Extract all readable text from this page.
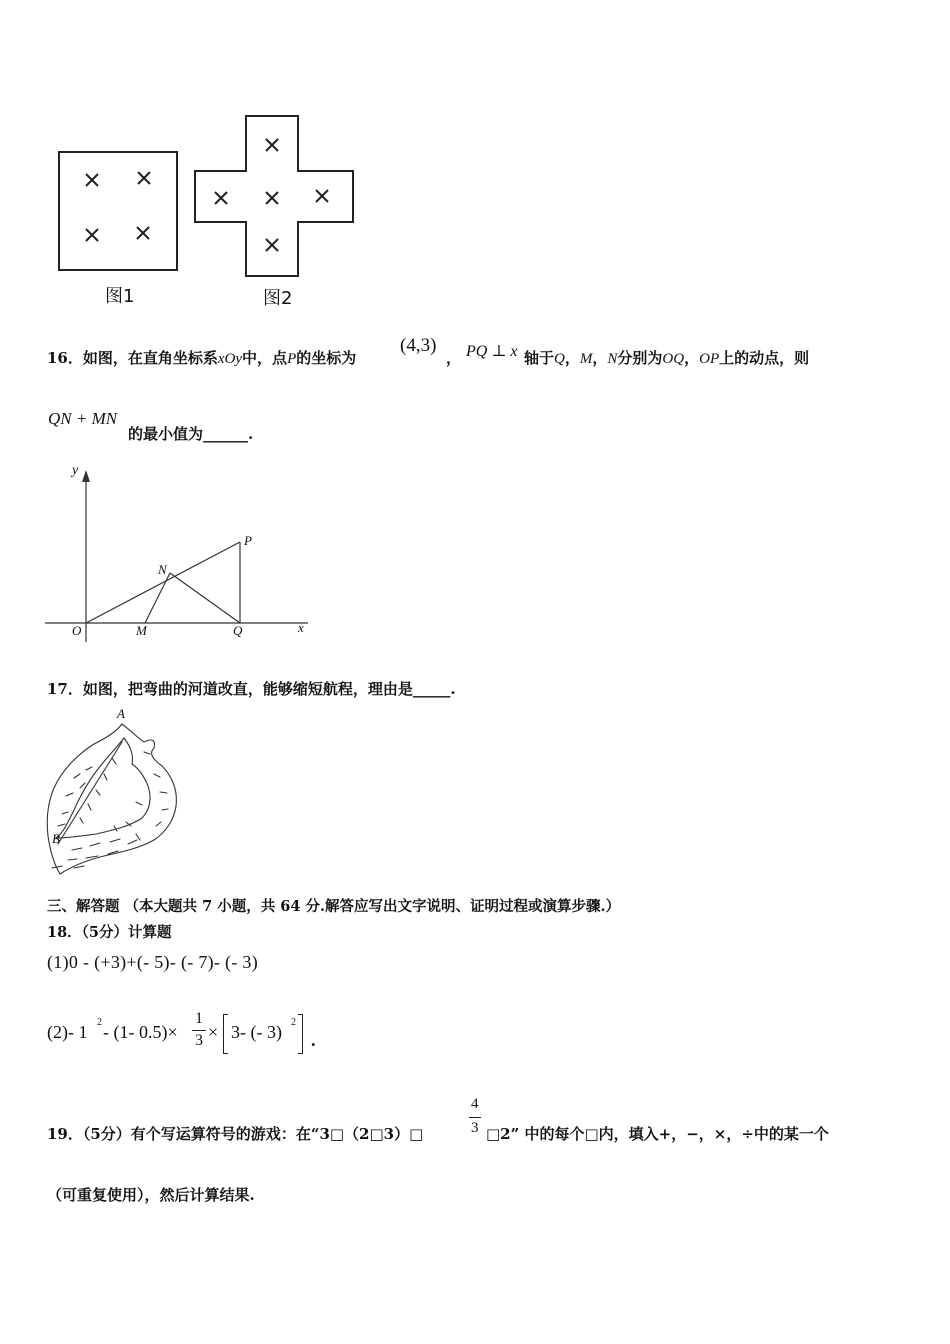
图1	图2
16．如图，在直角坐标系xOy中，点P的坐标为
(4,3)
， PQ ⊥ x 轴于Q，M，N分别为OQ，OP上的动点，则
QN + MN
的最小值为______.
y
x
O	M	Q
N
P
17．如图，把弯曲的河道改直，能够缩短航程，理由是_____.
A
B
三、解答题 （本大题共 7 小题，共 64 分.解答应写出文字说明、证明过程或演算步骤.）
18．（5分）计算题
(1)0 - (+3)+(- 5)- (- 7)- (- 3)
(2)- 1 2 - (1- 0.5)×
1
3 × 3- (- 3) 2
.
19．（5分）有个写运算符号的游戏：在“3□（2□3）□
4
3 □2” 中的每个□内，填入+，−，×，÷中的某一个
（可重复使用），然后计算结果.
